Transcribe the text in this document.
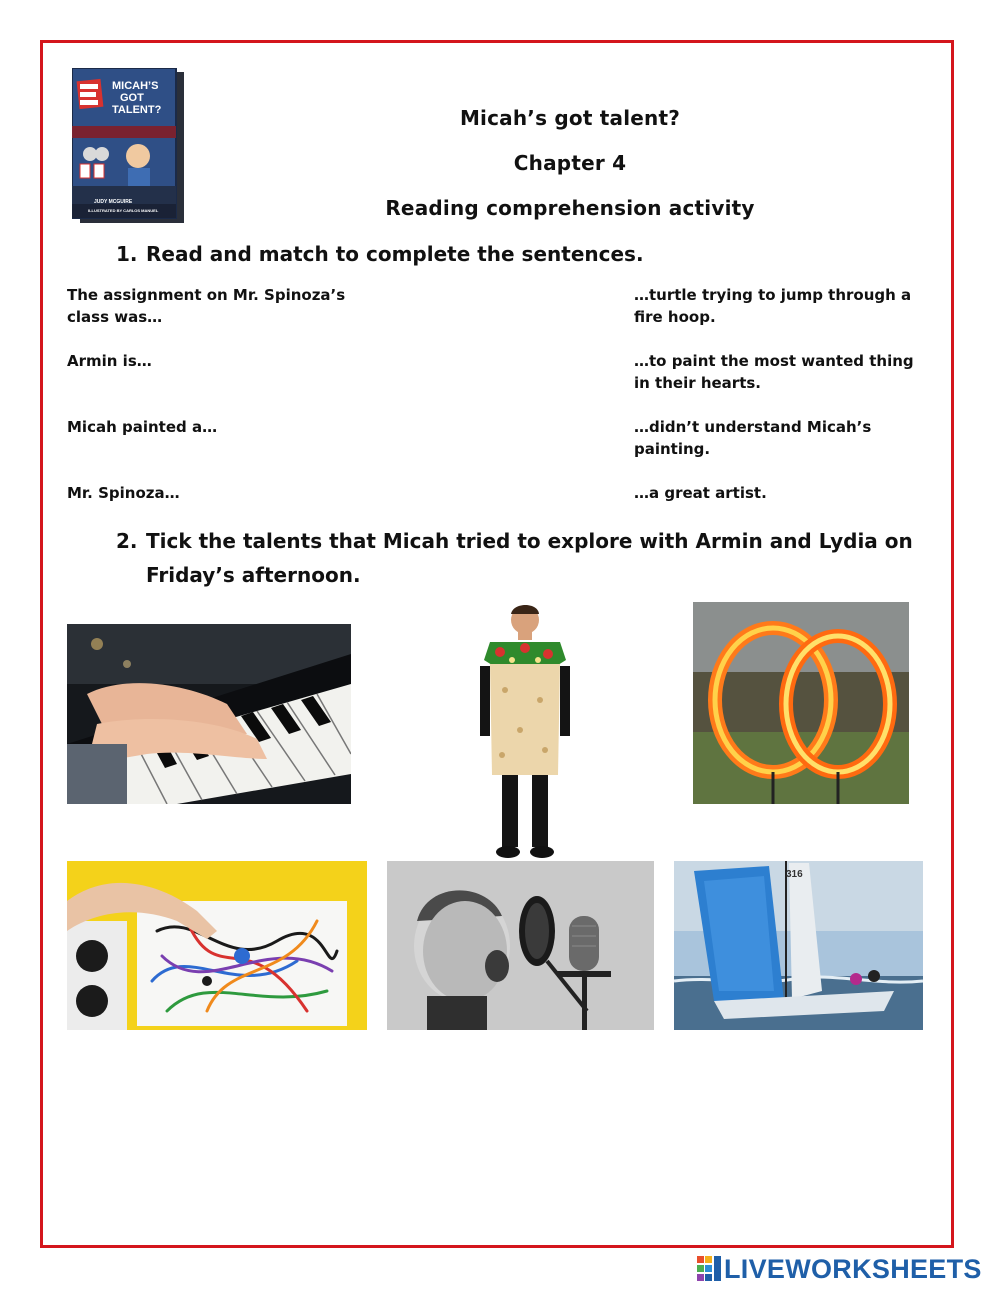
MICAH’S
GOT
TALENT?
JUDY MCGUIRE
ILLUSTRATED BY CARLOS MANUEL
Micah’s got talent?
Chapter 4
Reading comprehension activity
1. Read and match to complete the sentences.
The assignment on Mr. Spinoza’s class was…
Armin is…
Micah painted a…
Mr. Spinoza…
…turtle trying to jump through a fire hoop.
…to paint the most wanted thing in their hearts.
…didn’t understand Micah’s painting.
…a great artist.
2. Tick the talents that Micah tried to explore with Armin and Lydia on
Friday’s afternoon.
316
LIVEWORKSHEETS
